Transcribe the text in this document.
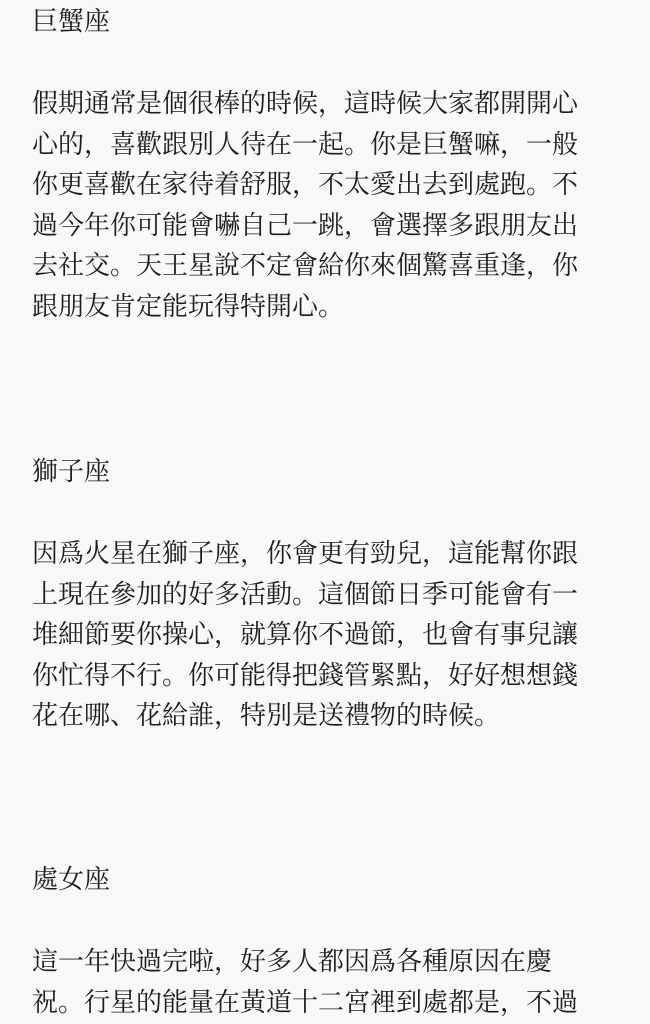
巨蟹座
假期通常是個很棒的時候，這時候大家都開開心
心的，喜歡跟別人待在一起。你是巨蟹嘛，一般
你更喜歡在家待着舒服，不太愛出去到處跑。不
過今年你可能會嚇自己一跳，會選擇多跟朋友出
去社交。天王星說不定會給你來個驚喜重逢，你
跟朋友肯定能玩得特開心。
獅子座
因爲火星在獅子座，你會更有勁兒，這能幫你跟
上現在參加的好多活動。這個節日季可能會有一
堆細節要你操心，就算你不過節，也會有事兒讓
你忙得不行。你可能得把錢管緊點，好好想想錢
花在哪、花給誰，特別是送禮物的時候。
處女座
這一年快過完啦，好多人都因爲各種原因在慶
祝。行星的能量在黃道十二宮裡到處都是，不過
